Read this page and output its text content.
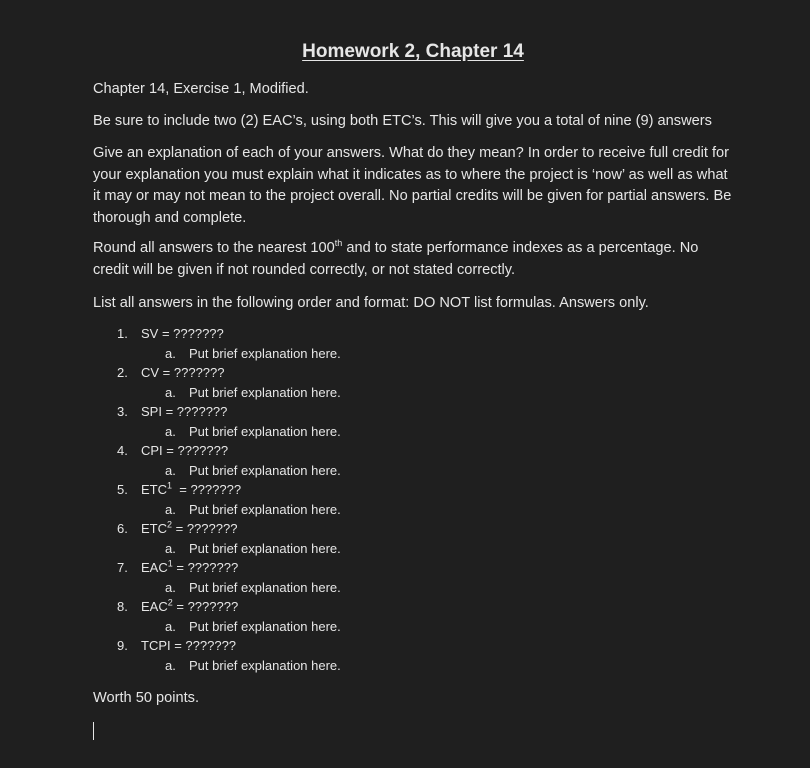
Homework 2, Chapter 14
Chapter 14, Exercise 1, Modified.
Be sure to include two (2) EAC’s, using both ETC’s. This will give you a total of nine (9) answers
Give an explanation of each of your answers. What do they mean? In order to receive full credit for your explanation you must explain what it indicates as to where the project is ‘now’ as well as what it may or may not mean to the project overall. No partial credits will be given for partial answers. Be thorough and complete.
Round all answers to the nearest 100th and to state performance indexes as a percentage. No credit will be given if not rounded correctly, or not stated correctly.
List all answers in the following order and format: DO NOT list formulas. Answers only.
1. SV = ???????
a. Put brief explanation here.
2. CV = ???????
a. Put brief explanation here.
3. SPI = ???????
a. Put brief explanation here.
4. CPI = ???????
a. Put brief explanation here.
5. ETC$^1$  = ???????
a. Put brief explanation here.
6. $ETC^2$ = ???????
a. Put brief explanation here.
7. $EAC^1$ = ???????
a. Put brief explanation here.
8. $EAC^2$ = ???????
a. Put brief explanation here.
9. TCPI = ???????
a. Put brief explanation here.
Worth 50 points.
